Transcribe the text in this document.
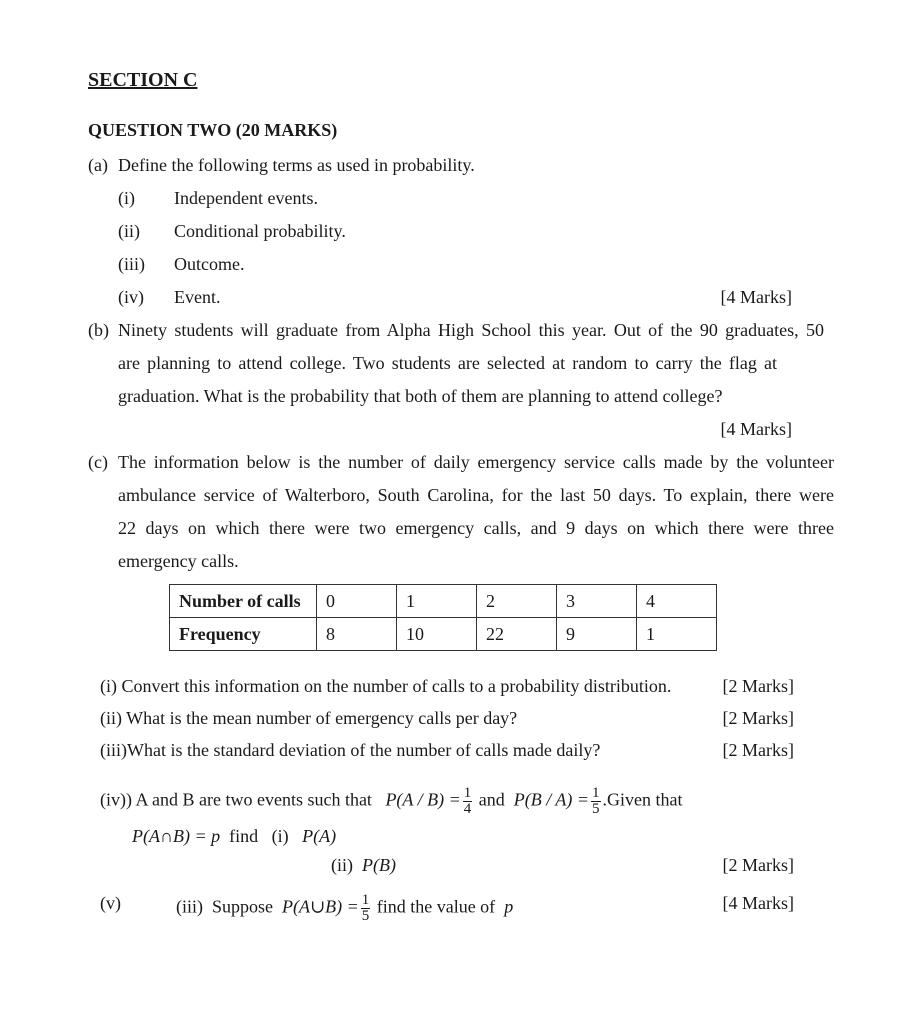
SECTION C
QUESTION TWO (20 MARKS)
(a) Define the following terms as used in probability.
(i) Independent events.
(ii) Conditional probability.
(iii) Outcome.
(iv) Event.	[4 Marks]
(b) Ninety students will graduate from Alpha High School this year. Out of the 90 graduates, 50
are planning to attend college. Two students are selected at random to carry the flag at
graduation. What is the probability that both of them are planning to attend college?
[4 Marks]
(c) The information below is the number of daily emergency service calls made by the volunteer
ambulance service of Walterboro, South Carolina, for the last 50 days. To explain, there were
22 days on which there were two emergency calls, and 9 days on which there were three
emergency calls.
Number of calls	0	1	2	3	4
Frequency	8	10	22	9	1
(i) Convert this information on the number of calls to a probability distribution.	[2 Marks]
(ii) What is the mean number of emergency calls per day?	[2 Marks]
(iii)What is the standard deviation of the number of calls made daily?	[2 Marks]
(iv)) A and B are two events such that $P(A / B) = \frac{1}{4}$ and $P(B / A) = \frac{1}{5}$ .Given that
P(A∩B) = p find (i) P(A)
(ii) P(B)	[2 Marks]
(v)	(iii) Suppose P(A∪B) = $\frac{1}{5}$ find the value of p	[4 Marks]
